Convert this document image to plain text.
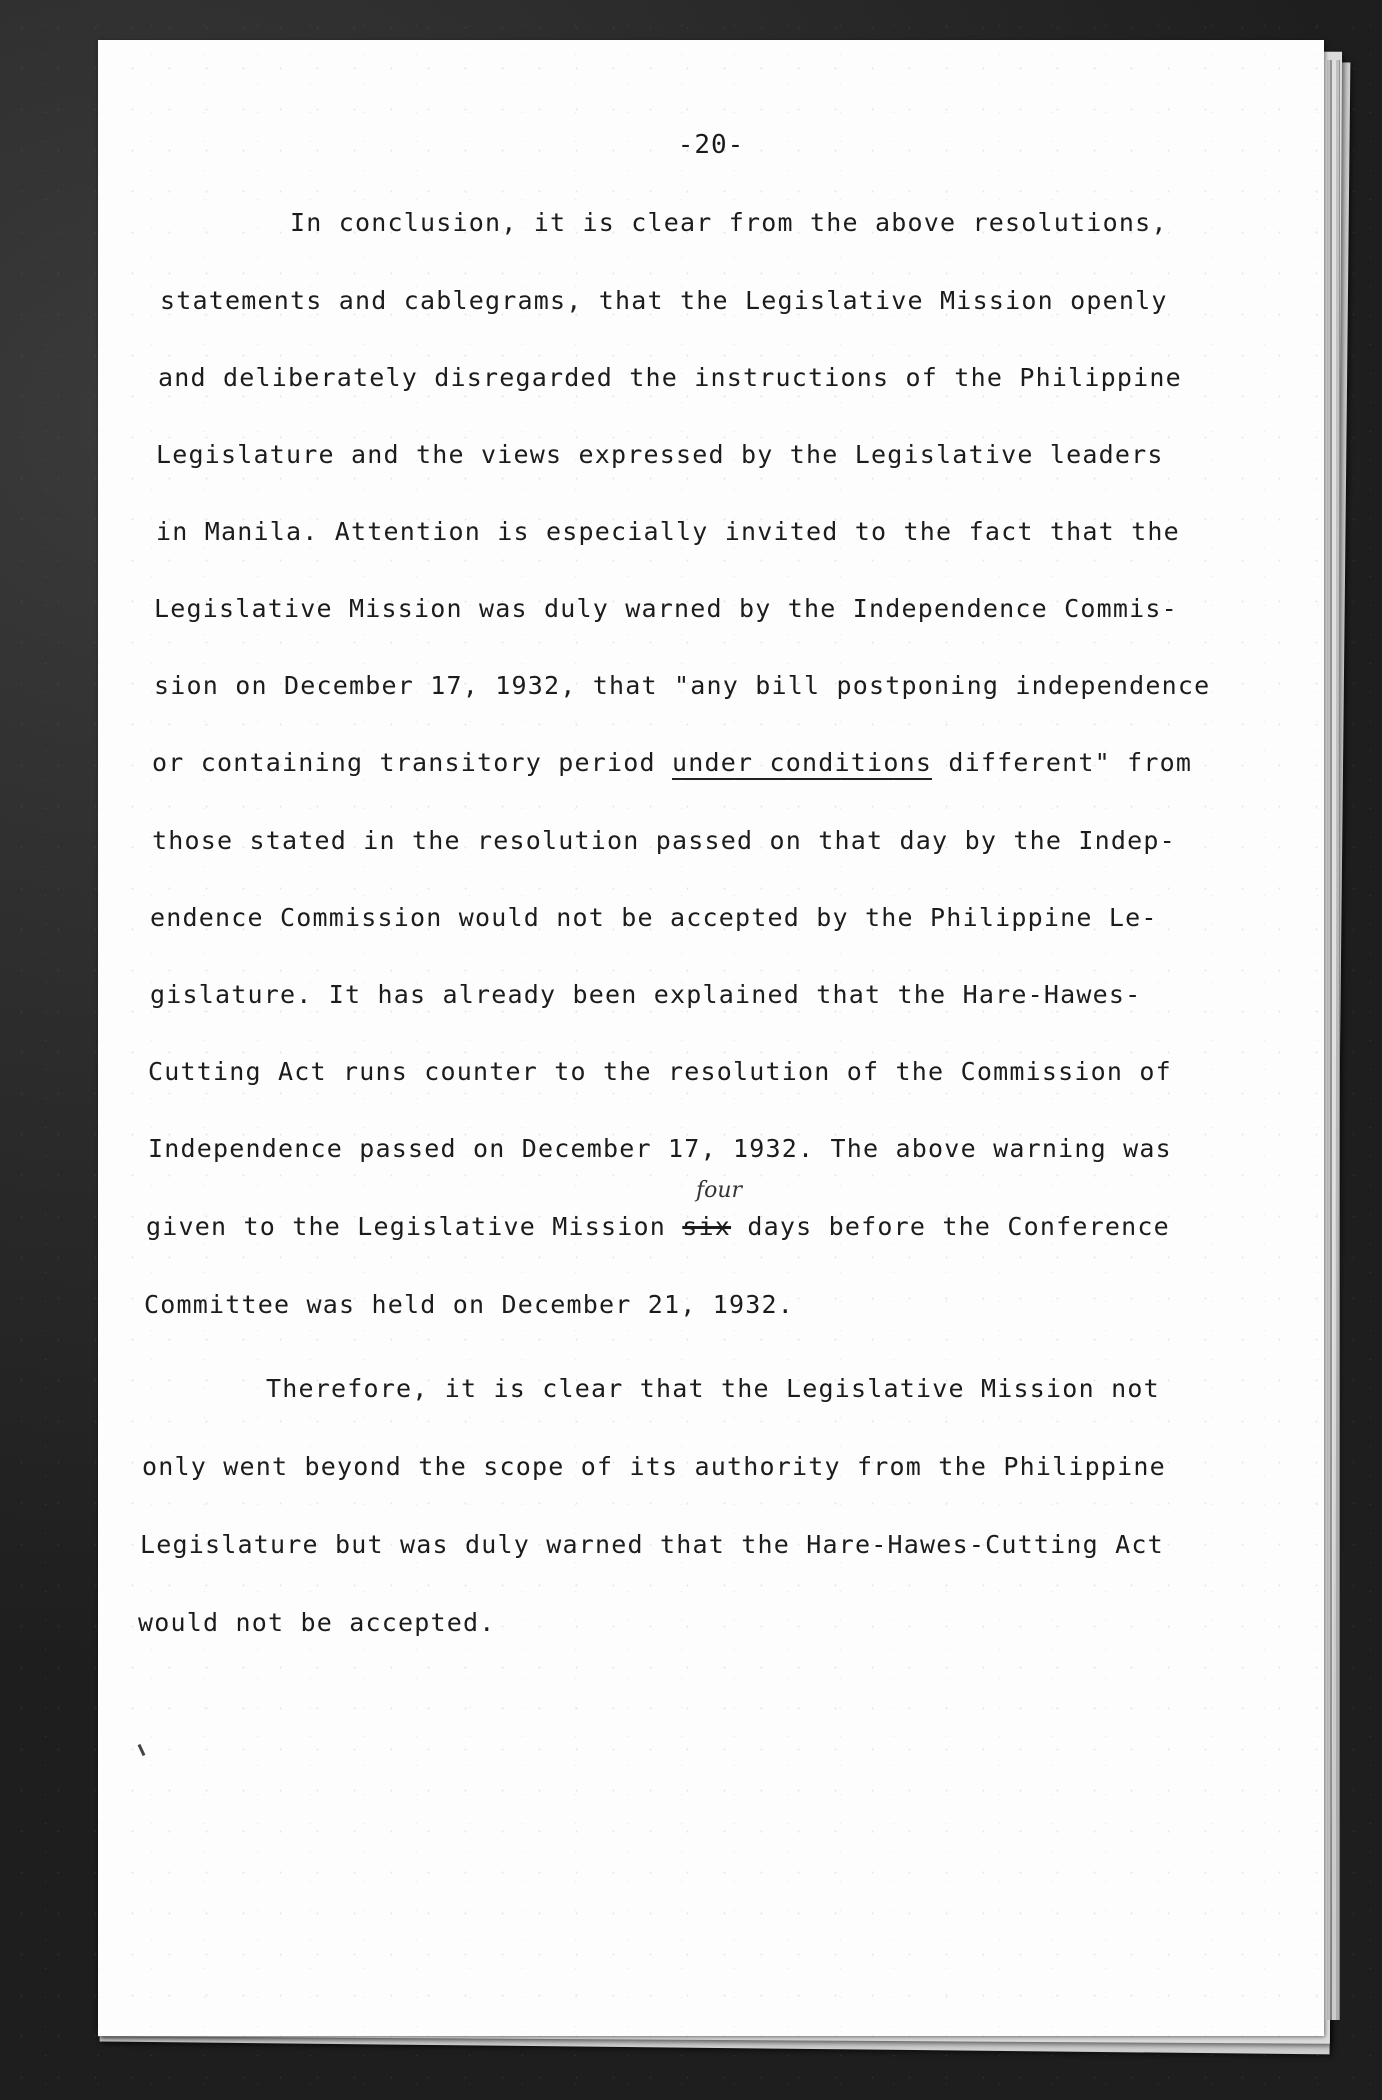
-20-
In conclusion, it is clear from the above resolutions,
statements and cablegrams, that the Legislative Mission openly
and deliberately disregarded the instructions of the Philippine
Legislature and the views expressed by the Legislative leaders
in Manila. Attention is especially invited to the fact that the
Legislative Mission was duly warned by the Independence Commis-
sion on December 17, 1932, that "any bill postponing independence
or containing transitory period under conditions different" from
those stated in the resolution passed on that day by the Indep-
endence Commission would not be accepted by the Philippine Le-
gislature. It has already been explained that the Hare-Hawes-
Cutting Act runs counter to the resolution of the Commission of
Independence passed on December 17, 1932. The above warning was
given to the Legislative Mission six days before the Conference
four
Committee was held on December 21, 1932.
Therefore, it is clear that the Legislative Mission not
only went beyond the scope of its authority from the Philippine
Legislature but was duly warned that the Hare-Hawes-Cutting Act
would not be accepted.
